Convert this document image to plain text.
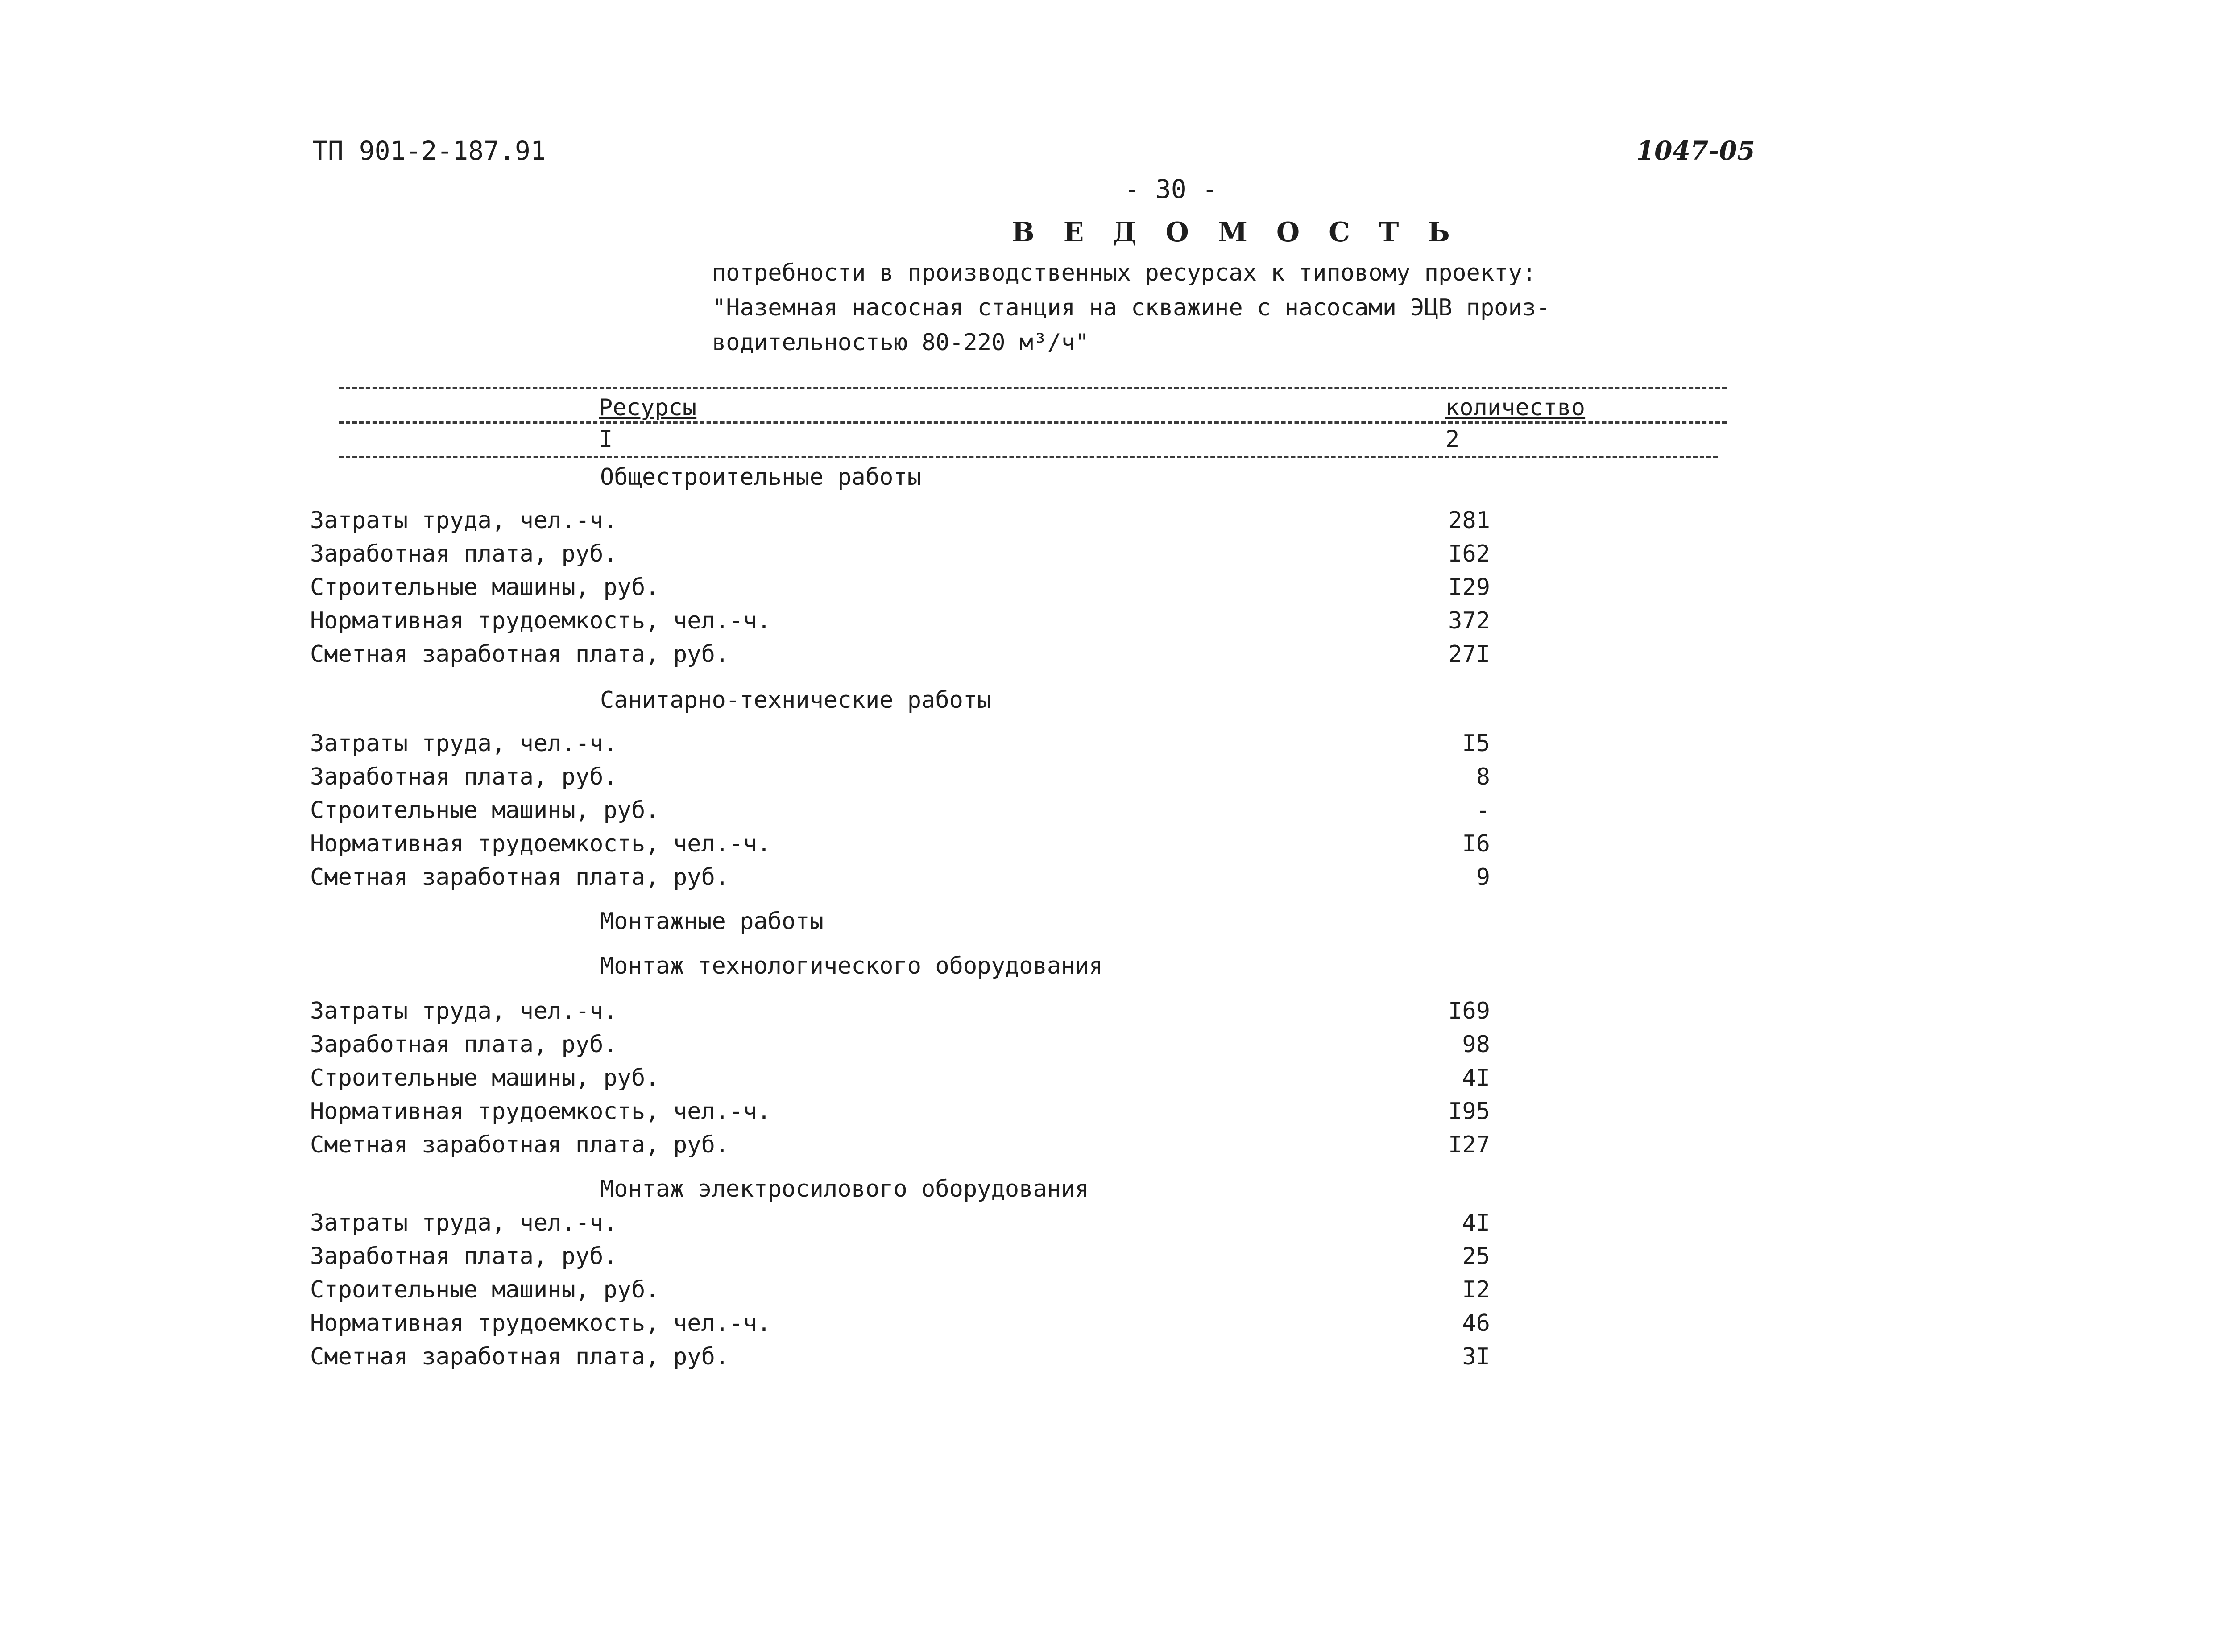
ТП 901-2-187.91	1047-05
- 30 -
В Е Д О М О С Т Ь
потребности в производственных ресурсах к типовому проекту:
"Наземная насосная станция на скважине с насосами ЭЦВ произ-
водительностью 80-220 м³/ч"
Ресурсы	количество
I	2
Общестроительные работы
Затраты труда, чел.-ч.	281
Заработная плата, руб.	I62
Строительные машины, руб.	I29
Нормативная трудоемкость, чел.-ч.	372
Сметная заработная плата, руб.	27I
Санитарно-технические работы
Затраты труда, чел.-ч.	I5
Заработная плата, руб.	8
Строительные машины, руб.	-
Нормативная трудоемкость, чел.-ч.	I6
Сметная заработная плата, руб.	9
Монтажные работы
Монтаж технологического оборудования
Затраты труда, чел.-ч.	I69
Заработная плата, руб.	98
Строительные машины, руб.	4I
Нормативная трудоемкость, чел.-ч.	I95
Сметная заработная плата, руб.	I27
Монтаж электросилового оборудования
Затраты труда, чел.-ч.	4I
Заработная плата, руб.	25
Строительные машины, руб.	I2
Нормативная трудоемкость, чел.-ч.	46
Сметная заработная плата, руб.	3I
